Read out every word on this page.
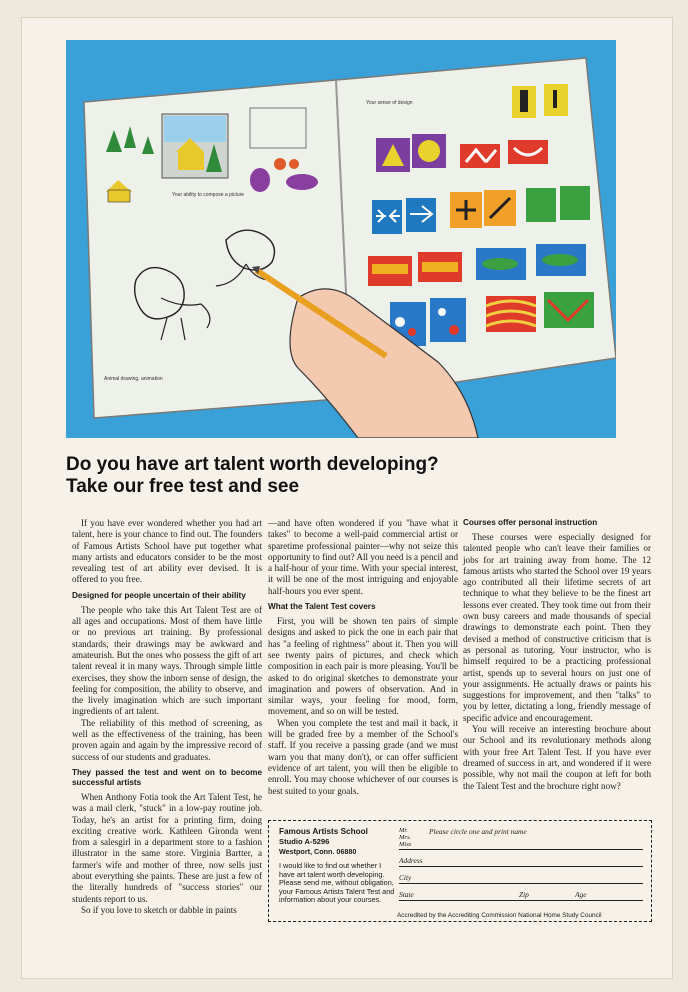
Your ability to compose a picture
Animal drawing, animation
Your sense of design
Do you have art talent worth developing?
Take our free test and see

If you have ever wondered whether you had art talent, here is your chance to find out. The founders of Famous Artists School have put together what many artists and educators consider to be the most revealing test of art ability ever devised. It is offered to you free.

Designed for people uncertain of their ability

The people who take this Art Talent Test are of all ages and occupations. Most of them have little or no previous art training. By professional standards, their drawings may be awkward and amateurish. But the ones who possess the gift of art talent reveal it in many ways. Through simple little exercises, they show the inborn sense of design, the feeling for composition, the ability to observe, and the lively imagination which are such important ingredients of art talent.

The reliability of this method of screening, as well as the effectiveness of the training, has been proven again and again by the impressive record of success of our students and graduates.

They passed the test and went on to become successful artists

When Anthony Fotia took the Art Talent Test, he was a mail clerk, "stuck" in a low-pay routine job. Today, he's an artist for a printing firm, doing exciting creative work. Kathleen Gironda went from a salesgirl in a department store to a fashion illustrator in the same store. Virginia Bartter, a farmer's wife and mother of three, now sells just about everything she paints. These are just a few of the literally hundreds of "success stories" our students report to us.

So if you love to sketch or dabble in paints

—and have often wondered if you "have what it takes" to become a well-paid commercial artist or sparetime professional painter—why not seize this opportunity to find out? All you need is a pencil and a half-hour of your time. With your special interest, it will be one of the most intriguing and enjoyable half-hours you ever spent.

What the Talent Test covers

First, you will be shown ten pairs of simple designs and asked to pick the one in each pair that has "a feeling of rightness" about it. Then you will see twenty pairs of pictures, and check which composition in each pair is more pleasing. You'll be asked to do original sketches to demonstrate your imagination and powers of observation. And in similar ways, your feeling for mood, form, movement, and so on will be tested.

When you complete the test and mail it back, it will be graded free by a member of the School's staff. If you receive a passing grade (and we must warn you that many don't), or can offer sufficient evidence of art talent, you will then be eligible to enroll. You may choose whichever of our courses is best suited to your goals.

Courses offer personal instruction

These courses were especially designed for talented people who can't leave their families or jobs for art training away from home. The 12 famous artists who started the School over 19 years ago contributed all their lifetime secrets of art technique to what they believe to be the finest art lessons ever created. They took time out from their own busy careers and made thousands of special drawings to demonstrate each point. Then they devised a method of constructive criticism that is as personal as tutoring. Your instructor, who is himself required to be a practicing professional artist, spends up to several hours on just one of your assignments. He actually draws or paints his suggestions for improvement, and then "talks" to you by letter, dictating a long, friendly message of specific advice and encouragement.

You will receive an interesting brochure about our School and its revolutionary methods along with your free Art Talent Test. If you have ever dreamed of success in art, and wondered if it were possible, why not mail the coupon at left for both the Talent Test and the brochure right now?

Famous Artists School
Studio A-5296
Westport, Conn. 06880
I would like to find out whether I have art talent worth developing. Please send me, without obligation, your Famous Artists Talent Test and information about your courses.
Mr.
Mrs.
Miss
Please circle one and print name
Address
City
State	Zip	Age
Accredited by the Accrediting Commission National Home Study Council
